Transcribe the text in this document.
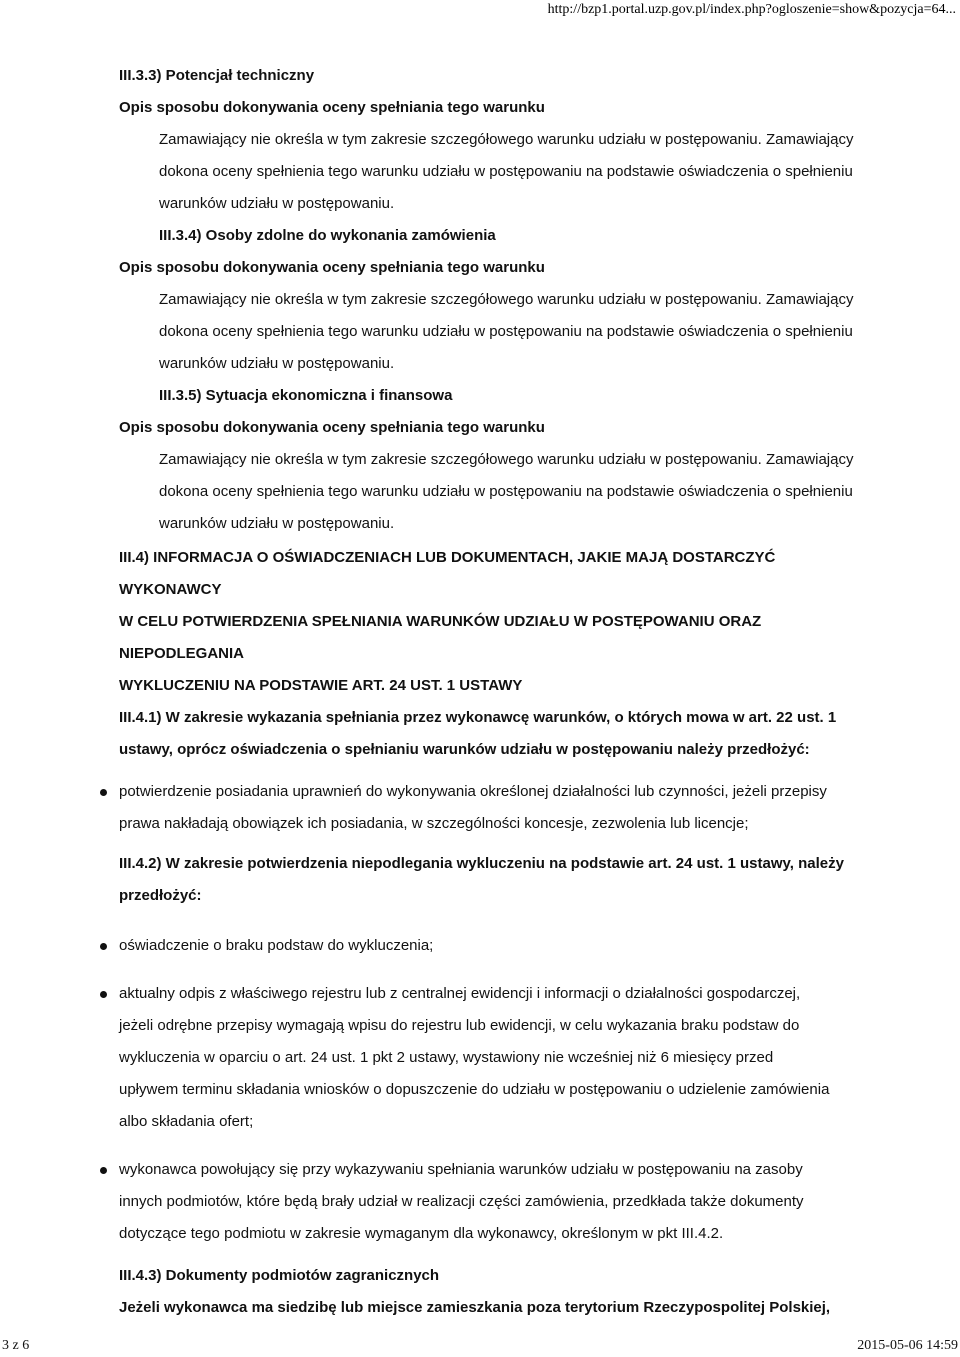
http://bzp1.portal.uzp.gov.pl/index.php?ogloszenie=show&pozycja=64...

III.3.3) Potencjał techniczny

Opis sposobu dokonywania oceny spełniania tego warunku

Zamawiający nie określa w tym zakresie szczegółowego warunku udziału w postępowaniu. Zamawiający

dokona oceny spełnienia tego warunku udziału w postępowaniu na podstawie oświadczenia o spełnieniu

warunków udziału w postępowaniu.

III.3.4) Osoby zdolne do wykonania zamówienia

Opis sposobu dokonywania oceny spełniania tego warunku

Zamawiający nie określa w tym zakresie szczegółowego warunku udziału w postępowaniu. Zamawiający

dokona oceny spełnienia tego warunku udziału w postępowaniu na podstawie oświadczenia o spełnieniu

warunków udziału w postępowaniu.

III.3.5) Sytuacja ekonomiczna i finansowa

Opis sposobu dokonywania oceny spełniania tego warunku

Zamawiający nie określa w tym zakresie szczegółowego warunku udziału w postępowaniu. Zamawiający

dokona oceny spełnienia tego warunku udziału w postępowaniu na podstawie oświadczenia o spełnieniu

warunków udziału w postępowaniu.

III.4) INFORMACJA O OŚWIADCZENIACH LUB DOKUMENTACH, JAKIE MAJĄ DOSTARCZYĆ WYKONAWCY

W CELU POTWIERDZENIA SPEŁNIANIA WARUNKÓW UDZIAŁU W POSTĘPOWANIU ORAZ NIEPODLEGANIA

WYKLUCZENIU NA PODSTAWIE ART. 24 UST. 1 USTAWY

III.4.1) W zakresie wykazania spełniania przez wykonawcę warunków, o których mowa w art. 22 ust. 1

ustawy, oprócz oświadczenia o spełnianiu warunków udziału w postępowaniu należy przedłożyć:

potwierdzenie posiadania uprawnień do wykonywania określonej działalności lub czynności, jeżeli przepisy
prawa nakładają obowiązek ich posiadania, w szczególności koncesje, zezwolenia lub licencje;

III.4.2) W zakresie potwierdzenia niepodlegania wykluczeniu na podstawie art. 24 ust. 1 ustawy, należy

przedłożyć:

oświadczenie o braku podstaw do wykluczenia;
aktualny odpis z właściwego rejestru lub z centralnej ewidencji i informacji o działalności gospodarczej,
jeżeli odrębne przepisy wymagają wpisu do rejestru lub ewidencji, w celu wykazania braku podstaw do
wykluczenia w oparciu o art. 24 ust. 1 pkt 2 ustawy, wystawiony nie wcześniej niż 6 miesięcy przed
upływem terminu składania wniosków o dopuszczenie do udziału w postępowaniu o udzielenie zamówienia
albo składania ofert;
wykonawca powołujący się przy wykazywaniu spełniania warunków udziału w postępowaniu na zasoby
innych podmiotów, które będą brały udział w realizacji części zamówienia, przedkłada także dokumenty
dotyczące tego podmiotu w zakresie wymaganym dla wykonawcy, określonym w pkt III.4.2.

III.4.3) Dokumenty podmiotów zagranicznych

Jeżeli wykonawca ma siedzibę lub miejsce zamieszkania poza terytorium Rzeczypospolitej Polskiej,

3 z 6	2015-05-06 14:59
